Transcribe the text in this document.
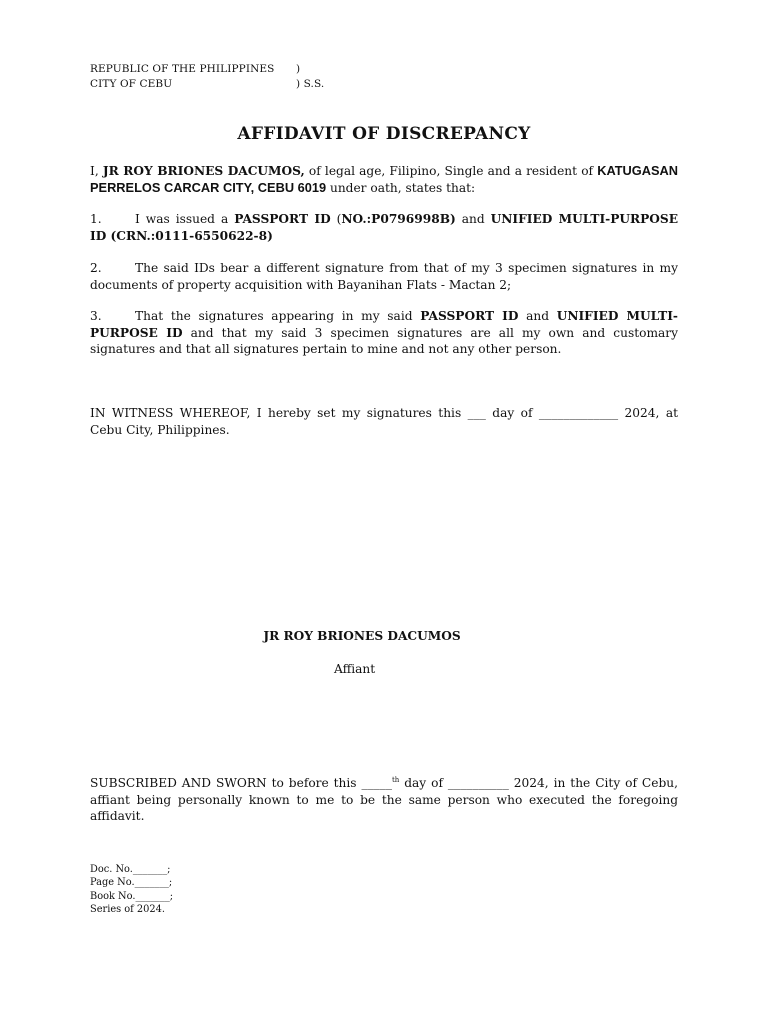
REPUBLIC OF THE PHILIPPINES )
CITY OF CEBU	) S.S.
AFFIDAVIT OF DISCREPANCY
I, JR ROY BRIONES DACUMOS, of legal age, Filipino, Single and a resident of KATUGASAN PERRELOS CARCAR CITY, CEBU 6019 under oath, states that:
1.	I was issued a PASSPORT ID (NO.:P0796998B) and UNIFIED MULTI-PURPOSE ID (CRN.:0111-6550622-8)
2.	The said IDs bear a different signature from that of my 3 specimen signatures in my documents of property acquisition with Bayanihan Flats - Mactan 2;
3.	That the signatures appearing in my said PASSPORT ID and UNIFIED MULTI-PURPOSE ID and that my said 3 specimen signatures are all my own and customary signatures and that all signatures pertain to mine and not any other person.
IN WITNESS WHEREOF, I hereby set my signatures this ___ day of _____________ 2024, at Cebu City, Philippines.
JR ROY BRIONES DACUMOS
Affiant
SUBSCRIBED AND SWORN to before this _____$^{th}$ day of __________ 2024, in the City of Cebu, affiant being personally known to me to be the same person who executed the foregoing affidavit.
Doc. No._______;
Page No._______;
Book No._______;
Series of 2024.
